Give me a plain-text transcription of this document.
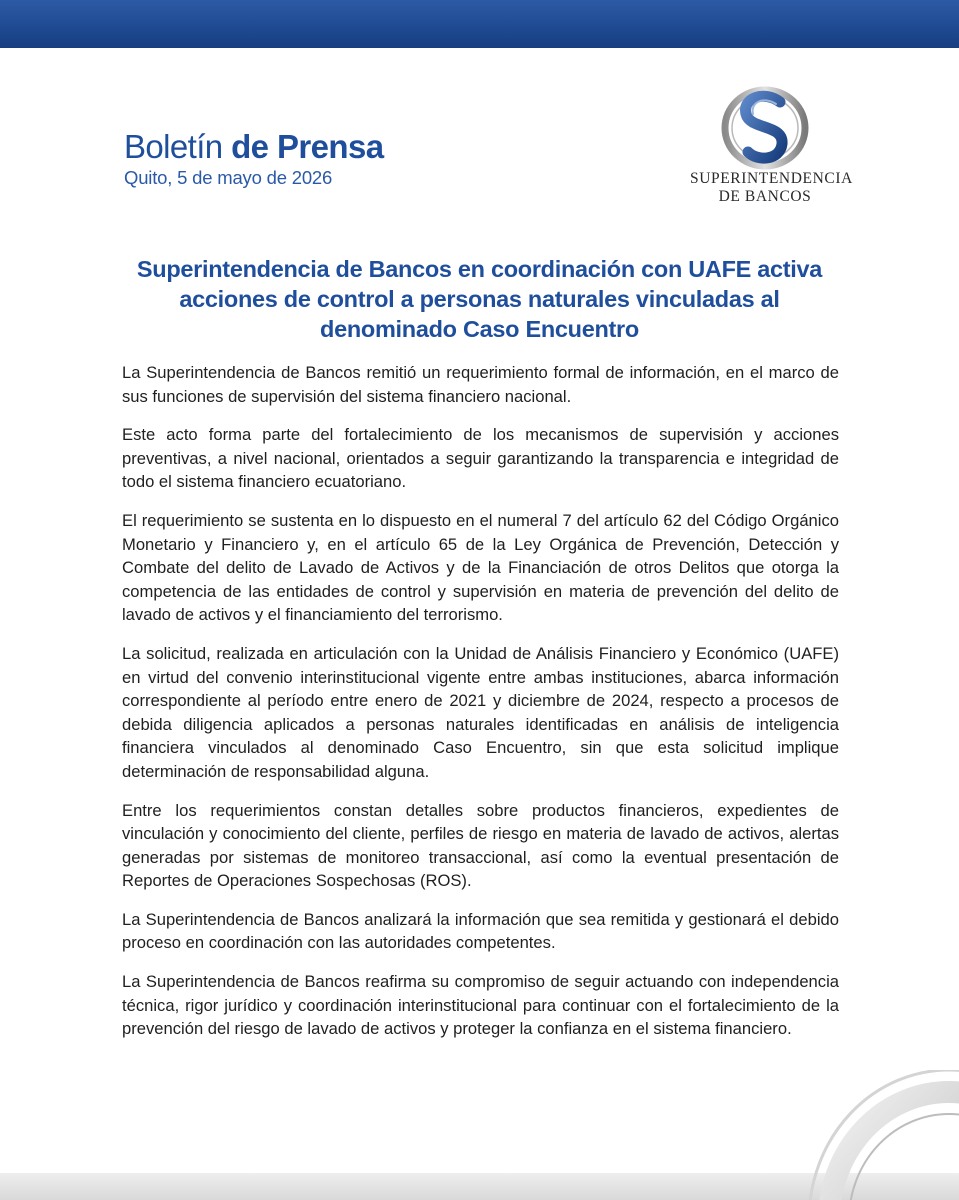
Boletín de Prensa
Quito, 5 de mayo de 2026	SUPERINTENDENCIA
DE BANCOS
Superintendencia de Bancos en coordinación con UAFE activa acciones de control a personas naturales vinculadas al denominado Caso Encuentro

La Superintendencia de Bancos remitió un requerimiento formal de información, en el marco de sus funciones de supervisión del sistema financiero nacional.

Este acto forma parte del fortalecimiento de los mecanismos de supervisión y acciones preventivas, a nivel nacional, orientados a seguir garantizando la transparencia e integridad de todo el sistema financiero ecuatoriano.

El requerimiento se sustenta en lo dispuesto en el numeral 7 del artículo 62 del Código Orgánico Monetario y Financiero y, en el artículo 65 de la Ley Orgánica de Prevención, Detección y Combate del delito de Lavado de Activos y de la Financiación de otros Delitos que otorga la competencia de las entidades de control y supervisión en materia de prevención del delito de lavado de activos y el financiamiento del terrorismo.

La solicitud, realizada en articulación con la Unidad de Análisis Financiero y Económico (UAFE) en virtud del convenio interinstitucional vigente entre ambas instituciones, abarca información correspondiente al período entre enero de 2021 y diciembre de 2024, respecto a procesos de debida diligencia aplicados a personas naturales identificadas en análisis de inteligencia financiera vinculados al denominado Caso Encuentro, sin que esta solicitud implique determinación de responsabilidad alguna.

Entre los requerimientos constan detalles sobre productos financieros, expedientes de vinculación y conocimiento del cliente, perfiles de riesgo en materia de lavado de activos, alertas generadas por sistemas de monitoreo transaccional, así como la eventual presentación de Reportes de Operaciones Sospechosas (ROS).

La Superintendencia de Bancos analizará la información que sea remitida y gestionará el debido proceso en coordinación con las autoridades competentes.

La Superintendencia de Bancos reafirma su compromiso de seguir actuando con independencia técnica, rigor jurídico y coordinación interinstitucional para continuar con el fortalecimiento de la prevención del riesgo de lavado de activos y proteger la confianza en el sistema financiero.
